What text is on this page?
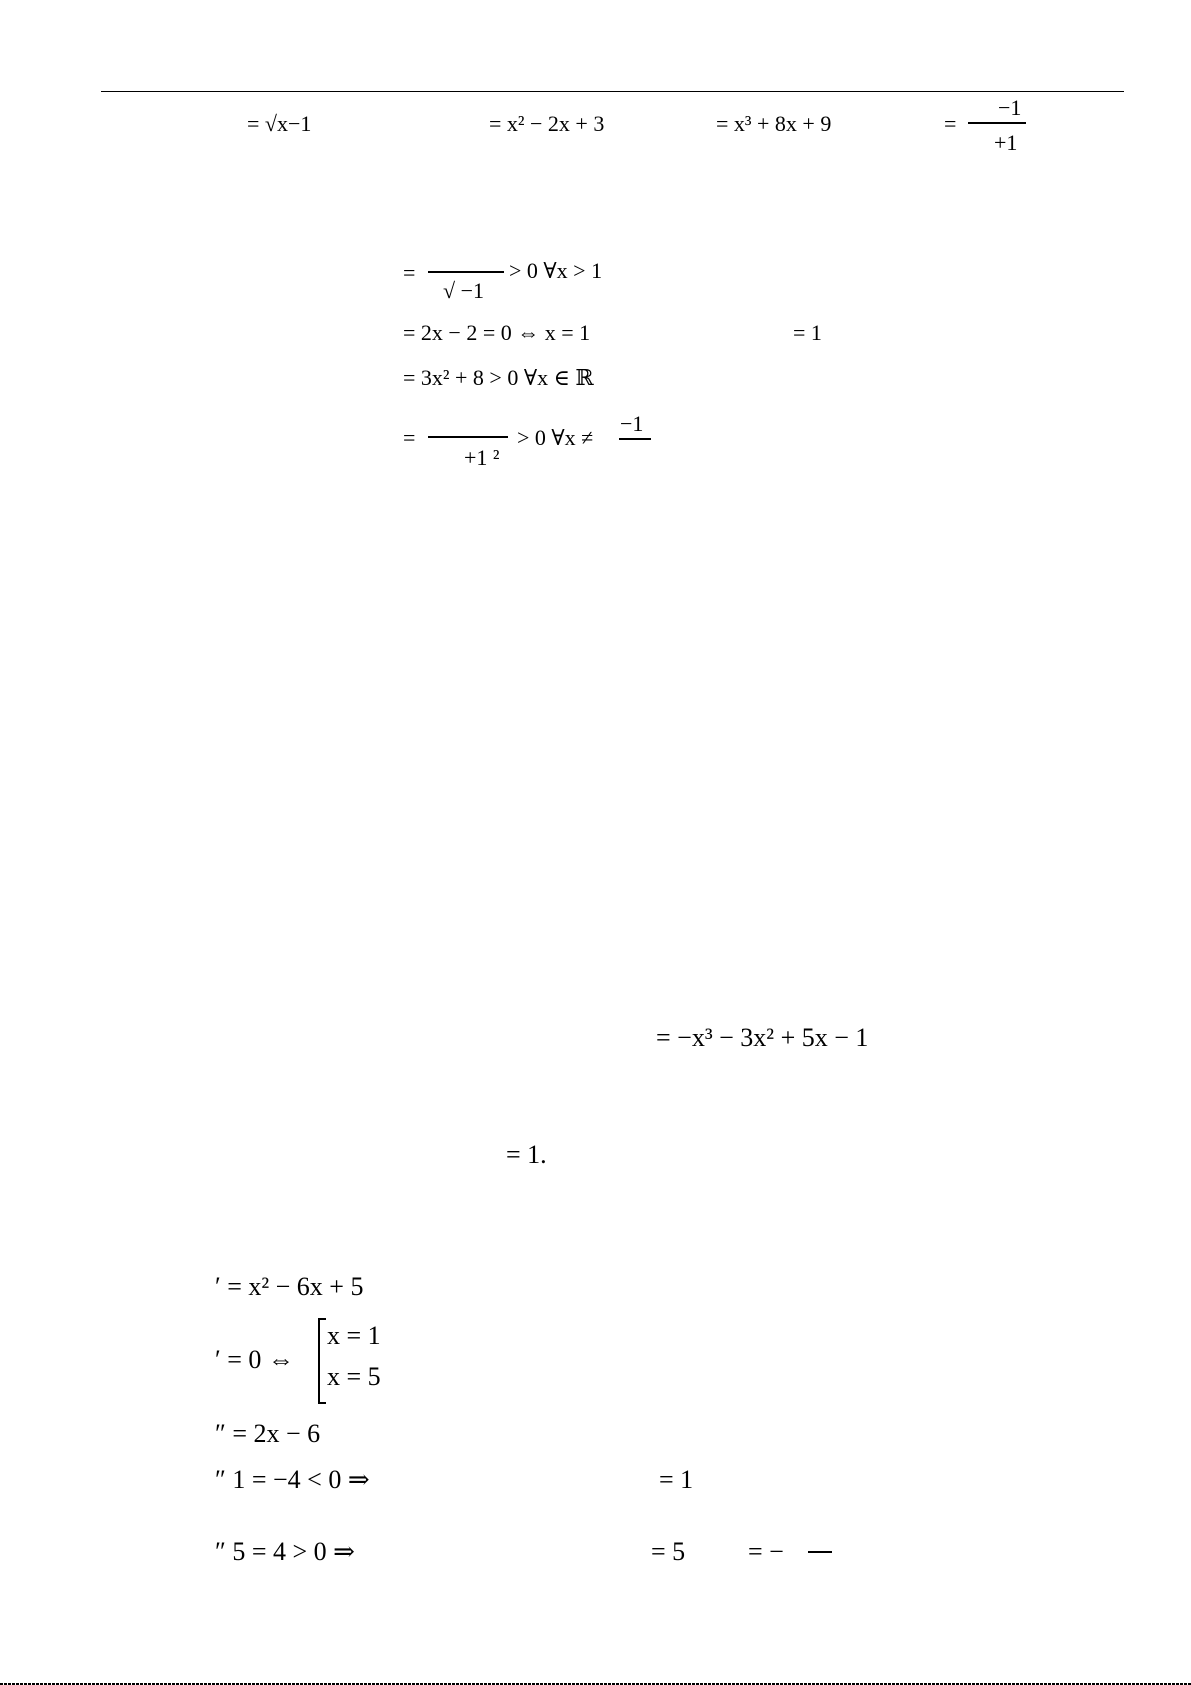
= √x−1	= x² − 2x + 3	= x³ + 8x + 9	=
−1
+1
=
√ −1
> 0 ∀x > 1
= 2x − 2 = 0 ⇔ x = 1	= 1
= 3x² + 8 > 0 ∀x ∈ ℝ
=
+1 ²
> 0 ∀x ≠
−1
= −x³ − 3x² + 5x − 1
= 1.
′ = x² − 6x + 5
′ = 0 ⇔
x = 1
x = 5
″ = 2x − 6
″ 1 = −4 < 0 ⇒	= 1
″ 5 = 4 > 0 ⇒	= 5 = −
